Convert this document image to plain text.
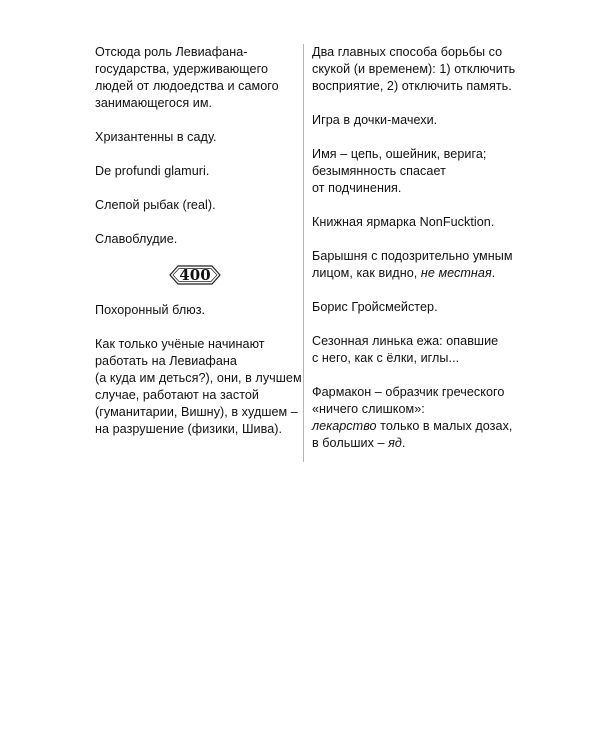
Отсюда роль Левиафана-
государства, удерживающего
людей от людоедства и самого
занимающегося им.

Хризантенны в саду.

De profundi glamuri.

Слепой рыбак (real).

Славоблудие.

400

Похоронный блюз.

Как только учёные начинают
работать на Левиафана
(а куда им деться?), они, в лучшем
случае, работают на застой
(гуманитарии, Вишну), в худшем –
на разрушение (физики, Шива).

Два главных способа борьбы со
скукой (и временем): 1) отключить
восприятие, 2) отключить память.

Игра в дочки-мачехи.

Имя – цепь, ошейник, верига;
безымянность спасает
от подчинения.

Книжная ярмарка NonFucktion.

Барышня с подозрительно умным
лицом, как видно, не местная.

Борис Гройсмейстер.

Сезонная линька ежа: опавшие
с него, как с ёлки, иглы...

Фармакон – образчик греческого
«ничего слишком»:
лекарство только в малых дозах,
в больших – яд.
